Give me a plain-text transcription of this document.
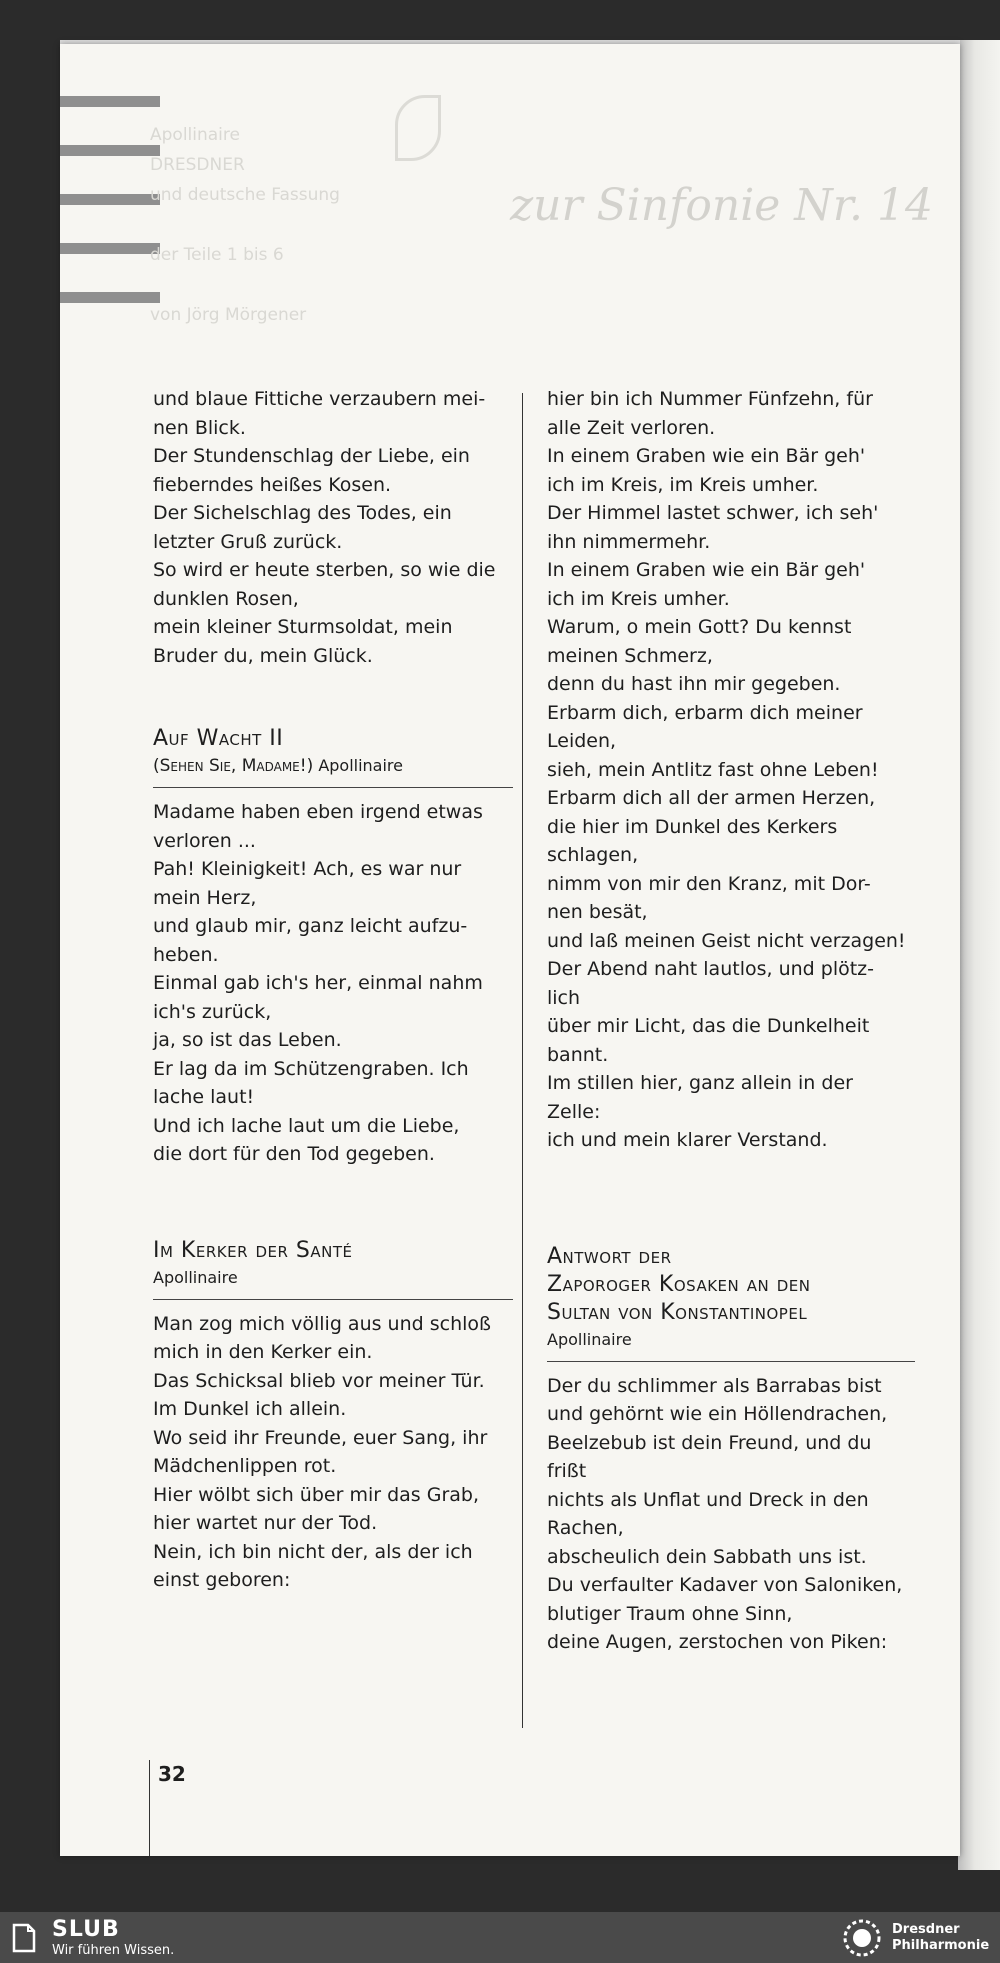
Apollinaire
DRESDNER
und deutsche Fassung

der Teile 1 bis 6

von Jörg Mörgener
zur Sinfonie Nr. 14
und blaue Fittiche verzaubern mei-
nen Blick.
Der Stundenschlag der Liebe, ein
fieberndes heißes Kosen.
Der Sichelschlag des Todes, ein
letzter Gruß zurück.
So wird er heute sterben, so wie die
dunklen Rosen,
mein kleiner Sturmsoldat, mein
Bruder du, mein Glück.
Auf Wacht II
(Sehen Sie, Madame!) Apollinaire
Madame haben eben irgend etwas
verloren ...
Pah! Kleinigkeit! Ach, es war nur
mein Herz,
und glaub mir, ganz leicht aufzu-
heben.
Einmal gab ich's her, einmal nahm
ich's zurück,
ja, so ist das Leben.
Er lag da im Schützengraben. Ich
lache laut!
Und ich lache laut um die Liebe,
die dort für den Tod gegeben.
Im Kerker der Santé
Apollinaire
Man zog mich völlig aus und schloß
mich in den Kerker ein.
Das Schicksal blieb vor meiner Tür.
Im Dunkel ich allein.
Wo seid ihr Freunde, euer Sang, ihr
Mädchenlippen rot.
Hier wölbt sich über mir das Grab,
hier wartet nur der Tod.
Nein, ich bin nicht der, als der ich
einst geboren:
hier bin ich Nummer Fünfzehn, für
alle Zeit verloren.
In einem Graben wie ein Bär geh'
ich im Kreis, im Kreis umher.
Der Himmel lastet schwer, ich seh'
ihn nimmermehr.
In einem Graben wie ein Bär geh'
ich im Kreis umher.
Warum, o mein Gott? Du kennst
meinen Schmerz,
denn du hast ihn mir gegeben.
Erbarm dich, erbarm dich meiner
Leiden,
sieh, mein Antlitz fast ohne Leben!
Erbarm dich all der armen Herzen,
die hier im Dunkel des Kerkers
schlagen,
nimm von mir den Kranz, mit Dor-
nen besät,
und laß meinen Geist nicht verzagen!
Der Abend naht lautlos, und plötz-
lich
über mir Licht, das die Dunkelheit
bannt.
Im stillen hier, ganz allein in der
Zelle:
ich und mein klarer Verstand.
Antwort der
Zaporoger Kosaken an den
Sultan von Konstantinopel
Apollinaire
Der du schlimmer als Barrabas bist
und gehörnt wie ein Höllendrachen,
Beelzebub ist dein Freund, und du
frißt
nichts als Unflat und Dreck in den
Rachen,
abscheulich dein Sabbath uns ist.
Du verfaulter Kadaver von Saloniken,
blutiger Traum ohne Sinn,
deine Augen, zerstochen von Piken:
32
SLUB
Wir führen Wissen.
Dresdner
Philharmonie
